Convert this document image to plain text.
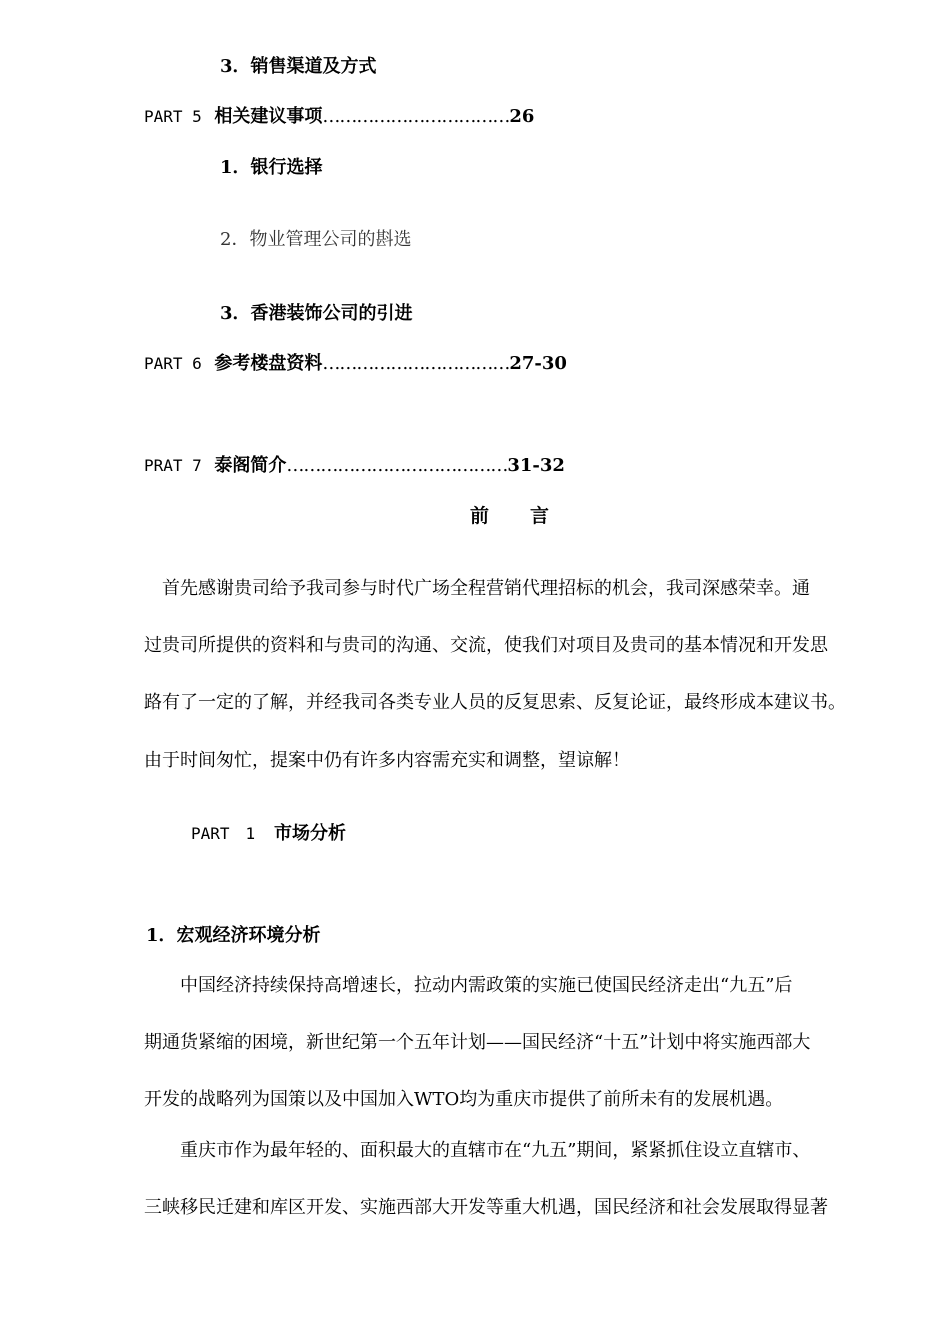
3．销售渠道及方式
PART 5 相关建议事项……………………………26
1．银行选择
2．物业管理公司的斟选
3．香港装饰公司的引进
PART 6 参考楼盘资料……………………………27-30
PRAT 7 泰阁简介…………………………………31-32
前　　言
　首先感谢贵司给予我司参与时代广场全程营销代理招标的机会，我司深感荣幸。通
过贵司所提供的资料和与贵司的沟通、交流，使我们对项目及贵司的基本情况和开发思
路有了一定的了解，并经我司各类专业人员的反复思索、反复论证，最终形成本建议书。
由于时间匆忙，提案中仍有许多内容需充实和调整，望谅解！
PART　1 市场分析
1．宏观经济环境分析
　　中国经济持续保持高增速长，拉动内需政策的实施已使国民经济走出“九五”后
期通货紧缩的困境，新世纪第一个五年计划——国民经济“十五”计划中将实施西部大
开发的战略列为国策以及中国加入WTO均为重庆市提供了前所未有的发展机遇。
　　重庆市作为最年轻的、面积最大的直辖市在“九五”期间，紧紧抓住设立直辖市、
三峡移民迁建和库区开发、实施西部大开发等重大机遇，国民经济和社会发展取得显著
